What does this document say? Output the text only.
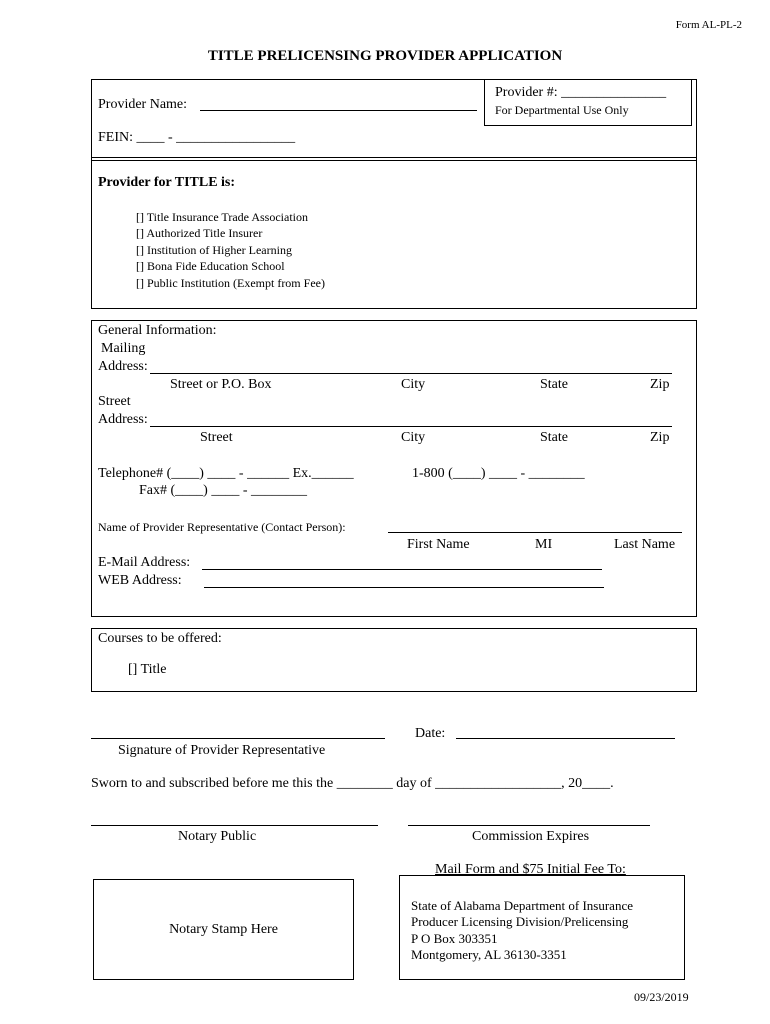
Form AL-PL-2
TITLE PRELICENSING PROVIDER APPLICATION
Provider #: _______________
For Departmental Use Only
Provider Name:
FEIN: ____ - _________________
Provider for TITLE is:
[] Title Insurance Trade Association
[] Authorized Title Insurer
[] Institution of Higher Learning
[] Bona Fide Education School
[] Public Institution (Exempt from Fee)
General Information:
Mailing
Address:
Street or P.O. Box	City	State	Zip
Street
Address:
Street	City	State	Zip
Telephone# (____) ____ - ______ Ex.______	1-800 (____) ____ - ________
Fax# (____) ____ - ________
Name of Provider Representative (Contact Person):
First Name	MI	Last Name
E-Mail Address:
WEB Address:
Courses to be offered:
[] Title
Signature of Provider Representative
Date:
Sworn to and subscribed before me this the ________ day of __________________, 20____.
Notary Public	Commission Expires
Mail Form and $75 Initial Fee To:
Notary Stamp Here
State of Alabama Department of Insurance
Producer Licensing Division/Prelicensing
P O Box 303351
Montgomery, AL 36130-3351
09/23/2019
